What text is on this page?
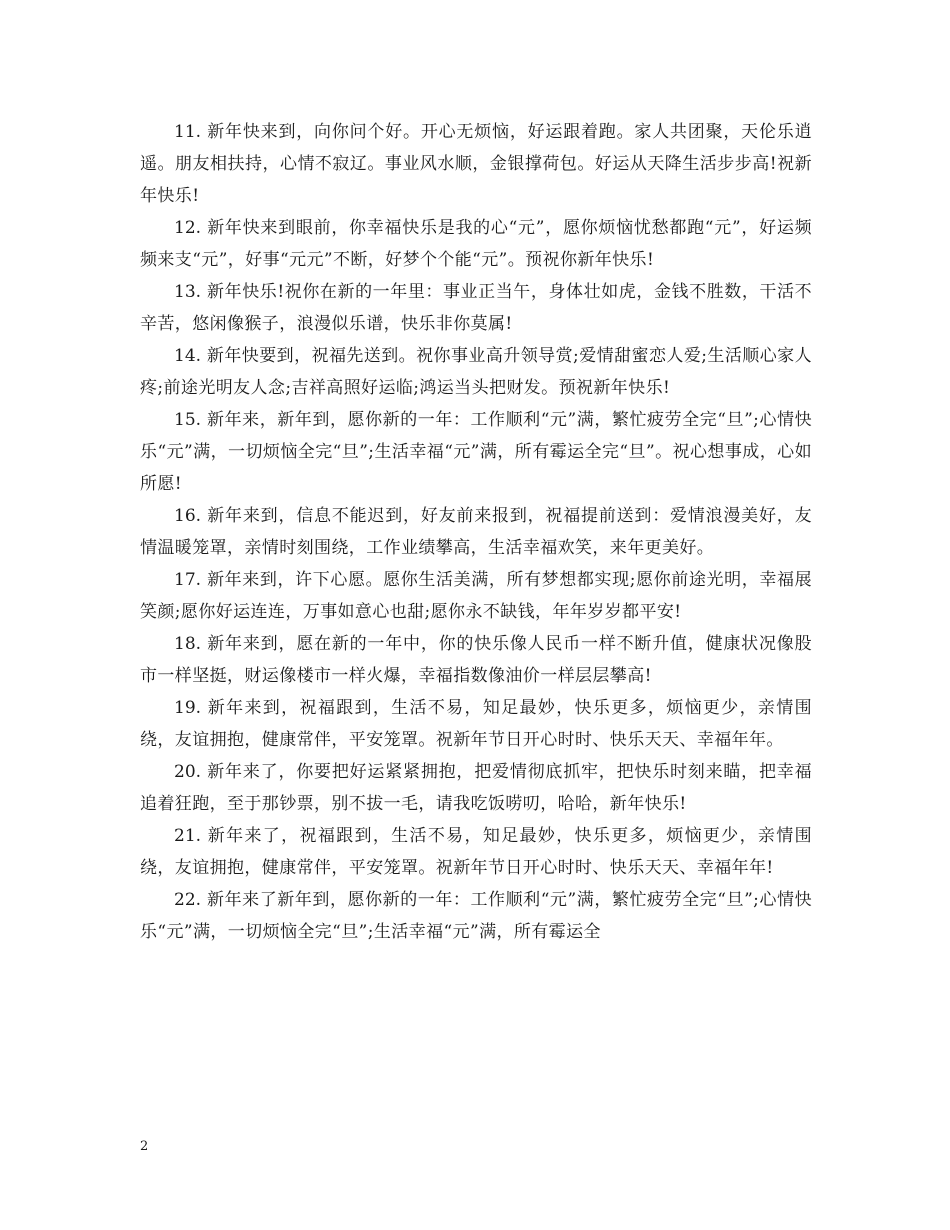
11. 新年快来到，向你问个好。开心无烦恼，好运跟着跑。家人共团聚，天伦乐逍遥。朋友相扶持，心情不寂辽。事业风水顺，金银撑荷包。好运从天降生活步步高!祝新年快乐!

12. 新年快来到眼前，你幸福快乐是我的心“元”，愿你烦恼忧愁都跑“元”，好运频频来支“元”，好事“元元”不断，好梦个个能“元”。预祝你新年快乐!

13. 新年快乐!祝你在新的一年里：事业正当午，身体壮如虎，金钱不胜数，干活不辛苦，悠闲像猴子，浪漫似乐谱，快乐非你莫属!

14. 新年快要到，祝福先送到。祝你事业高升领导赏;爱情甜蜜恋人爱;生活顺心家人疼;前途光明友人念;吉祥高照好运临;鸿运当头把财发。预祝新年快乐!

15. 新年来，新年到，愿你新的一年：工作顺利“元”满，繁忙疲劳全完“旦”;心情快乐“元”满，一切烦恼全完“旦”;生活幸福“元”满，所有霉运全完“旦”。祝心想事成，心如所愿!

16. 新年来到，信息不能迟到，好友前来报到，祝福提前送到：爱情浪漫美好，友情温暖笼罩，亲情时刻围绕，工作业绩攀高，生活幸福欢笑，来年更美好。

17. 新年来到，许下心愿。愿你生活美满，所有梦想都实现;愿你前途光明，幸福展笑颜;愿你好运连连，万事如意心也甜;愿你永不缺钱，年年岁岁都平安!

18. 新年来到，愿在新的一年中，你的快乐像人民币一样不断升值，健康状况像股市一样坚挺，财运像楼市一样火爆，幸福指数像油价一样层层攀高!

19. 新年来到，祝福跟到，生活不易，知足最妙，快乐更多，烦恼更少，亲情围绕，友谊拥抱，健康常伴，平安笼罩。祝新年节日开心时时、快乐天天、幸福年年。

20. 新年来了，你要把好运紧紧拥抱，把爱情彻底抓牢，把快乐时刻来瞄，把幸福追着狂跑，至于那钞票，别不拔一毛，请我吃饭唠叨，哈哈，新年快乐!

21. 新年来了，祝福跟到，生活不易，知足最妙，快乐更多，烦恼更少，亲情围绕，友谊拥抱，健康常伴，平安笼罩。祝新年节日开心时时、快乐天天、幸福年年!

22. 新年来了新年到，愿你新的一年：工作顺利“元”满，繁忙疲劳全完“旦”;心情快乐“元”满，一切烦恼全完“旦”;生活幸福“元”满，所有霉运全

2
